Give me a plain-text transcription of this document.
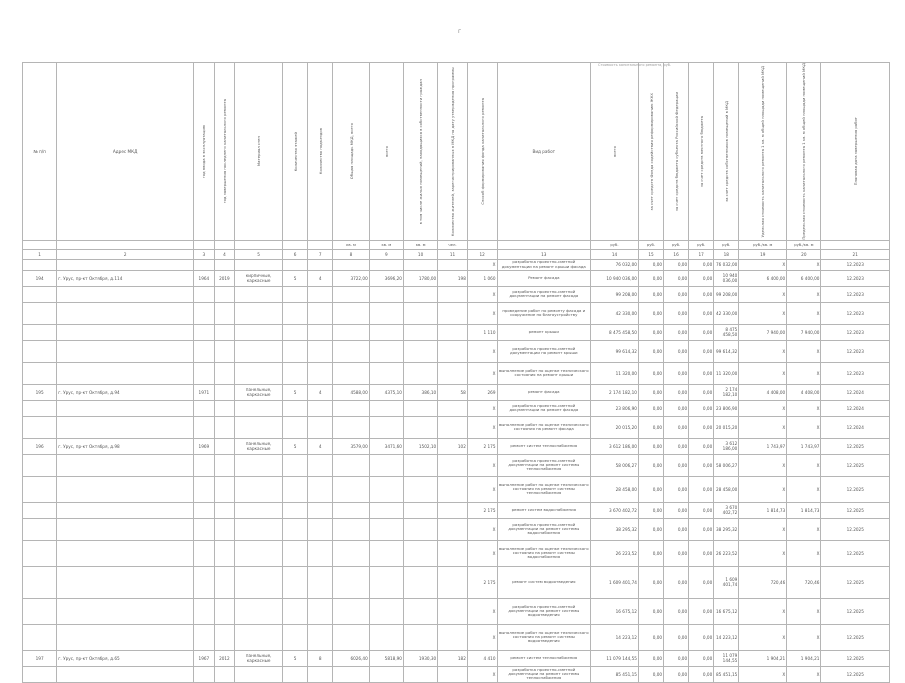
г
№ п/п	Адрес МКД	год ввода в эксплуатацию	год завершения последнего капитального ремонта	Материал стен	Количество этажей	Количество подъездов	Общая площадь МКД, всего	всего	в том числе жилых помещений, находящихся в собственности граждан	Количество жителей, зарегистрированных в МКД на дату утверждения программы	Способ формирования фонда капитального ремонта	Вид работ	всего	за счет средств Фонда содействия реформированию ЖКХ	за счет средств бюджета субъекта Российской Федерации	за счет средств местного бюджета	за счет средств собственников помещений в МКД	Удельная стоимость капитального ремонта 1 кв. м общей площади помещений МКД	Предельная стоимость капитального ремонта 1 кв. м общей площади помещений МКД	Плановая дата завершения работ

							кв. м	кв. м	кв. м	чел.			руб.	руб.	руб.	руб.	руб.	руб./кв. м	руб./кв. м	
1	2	3	4	5	6	7	8	9	10	11	12	13	14	15	16	17	18	19	20	21
											X	разработка проектно-сметной документации на ремонт крыши фасада	76 032,00	0,00	0,00	0,00	76 032,00	X	X	12.2023
194	г. Урус, пр-кт Октября, д.114	1964	2019	кирпичные, каркасные	5	4	3722,00	3696,20	1780,00	198	1 060	Ремонт фасада	10 940 036,00	0,00	0,00	0,00	10 940 036,00	6 400,00	6 400,00	12.2023
											X	разработка проектно-сметной документации на ремонт фасада	99 208,00	0,00	0,00	0,00	99 208,00	X	X	12.2023
											X	проведение работ по ремонту фасада и сооружение по благоустройству	42 330,00	0,00	0,00	0,00	42 330,00	X	X	12.2023
											1 110	ремонт крыши	8 475 458,50	0,00	0,00	0,00	8 475 458,50	7 940,00	7 940,00	12.2023
											X	разработка проектно-сметной документации на ремонт крыши	99 614,32	0,00	0,00	0,00	99 614,32	X	X	12.2023
											X	выполнение работ по оценке технического состояния на ремонт крыши	11 320,00	0,00	0,00	0,00	11 320,00	X	X	12.2023
195	г. Урус, пр-кт Октября, д.94	1971		панельные, каркасные	5	4	4588,00	4375,10	386,10	58	269	ремонт фасада	2 174 182,10	0,00	0,00	0,00	2 174 182,10	4 408,00	4 408,00	12.2024
											X	разработка проектно-сметной документации на ремонт фасада	23 806,90	0,00	0,00	0,00	23 806,90	X	X	12.2024
											X	выполнение работ по оценке технического состояния на ремонт фасада	20 015,20	0,00	0,00	0,00	20 015,20	X	X	12.2024
196	г. Урус, пр-кт Октября, д.98	1969		панельные, каркасные	5	4	3579,00	3471,60	1502,10	102	2 175	ремонт систем теплоснабжения	3 612 186,00	0,00	0,00	0,00	3 612 186,00	1 743,97	1 743,97	12.2025
											X	разработка проектно-сметной документации на ремонт системы теплоснабжения	58 006,27	0,00	0,00	0,00	58 006,27	X	X	12.2025
											X	выполнение работ по оценке технического состояния на ремонт системы теплоснабжения	28 458,00	0,00	0,00	0,00	28 458,00	X	X	12.2025
											2 175	ремонт систем водоснабжения	3 670 402,72	0,00	0,00	0,00	3 670 402,72	1 814,73	1 814,73	12.2025
											X	разработка проектно-сметной документации на ремонт системы водоснабжения	38 295,32	0,00	0,00	0,00	38 295,32	X	X	12.2025
											X	выполнение работ по оценке технического состояния на ремонт системы водоснабжения	26 223,52	0,00	0,00	0,00	26 223,52	X	X	12.2025
											2 175	ремонт систем водоотведения	1 609 401,74	0,00	0,00	0,00	1 609 401,74	720,46	720,46	12.2025
											X	разработка проектно-сметной документации на ремонт системы водоотведения	16 675,12	0,00	0,00	0,00	16 675,12	X	X	12.2025
											X	выполнение работ по оценке технического состояния на ремонт системы водоотведения	14 223,12	0,00	0,00	0,00	14 223,12	X	X	12.2025
197	г. Урус, пр-кт Октября, д.65	1967	2012	панельные, каркасные	5	8	6026,40	5818,90	1930,30	182	4 410	ремонт систем теплоснабжения	11 079 144,55	0,00	0,00	0,00	11 079 144,55	1 904,21	1 904,21	12.2025
											X	разработка проектно-сметной документации на ремонт системы теплоснабжения	85 451,15	0,00	0,00	0,00	85 451,15	X	X	12.2025
Стоимость капитального ремонта, руб.
